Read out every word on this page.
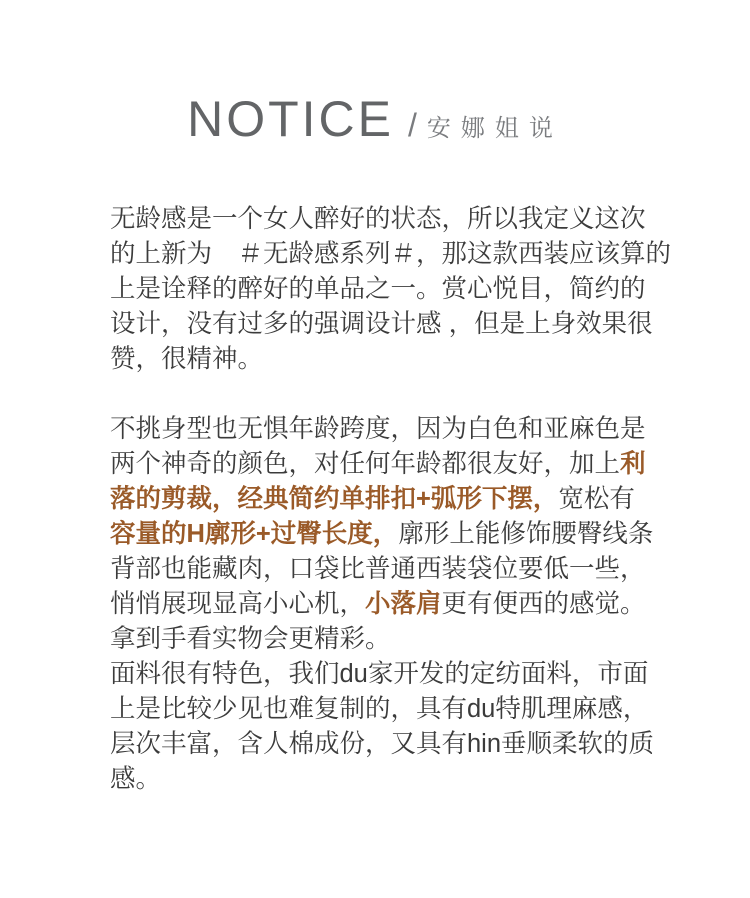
NOTICE / 安娜姐说
无龄感是一个女人醉好的状态，所以我定义这次
的上新为　＃无龄感系列＃，那这款西装应该算的
上是诠释的醉好的单品之一。赏心悦目，简约的
设计，没有过多的强调设计感 ，但是上身效果很
赞，很精神。
不挑身型也无惧年龄跨度，因为白色和亚麻色是
两个神奇的颜色，对任何年龄都很友好，加上利
落的剪裁，经典简约单排扣+弧形下摆，宽松有
容量的H廓形+过臀长度，廓形上能修饰腰臀线条
背部也能藏肉，口袋比普通西装袋位要低一些，
悄悄展现显高小心机，小落肩更有便西的感觉。
拿到手看实物会更精彩。
面料很有特色，我们du家开发的定纺面料，市面
上是比较少见也难复制的，具有du特肌理麻感，
层次丰富，含人棉成份，又具有hin垂顺柔软的质
感。
